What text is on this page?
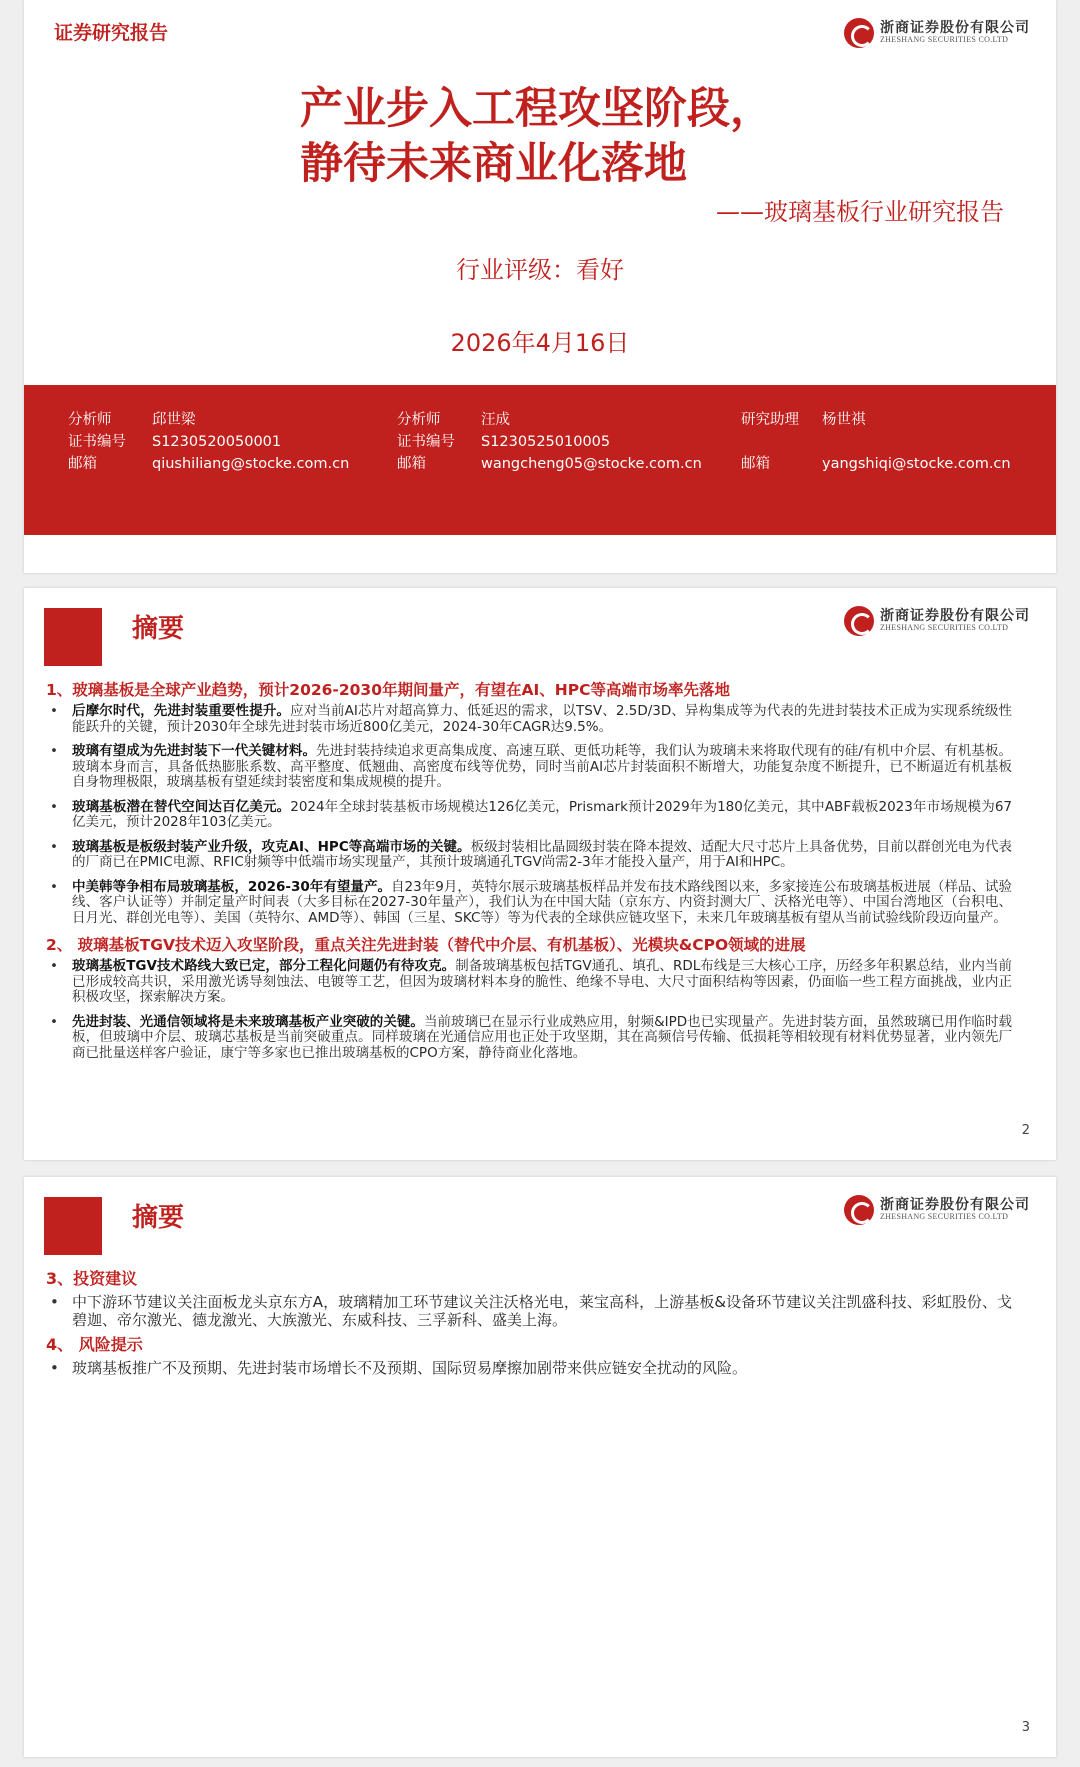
证券研究报告	浙商证券股份有限公司
ZHESHANG SECURITIES CO.LTD
产业步入工程攻坚阶段，
静待未来商业化落地
——玻璃基板行业研究报告
行业评级：看好
2026年4月16日
分析师	邱世梁
证书编号	S1230520050001
邮箱	qiushiliang@stocke.com.cn
分析师	汪成
证书编号	S1230525010005
邮箱	wangcheng05@stocke.com.cn
研究助理	杨世祺
邮箱	yangshiqi@stocke.com.cn
摘要	浙商证券股份有限公司
ZHESHANG SECURITIES CO.LTD
1、玻璃基板是全球产业趋势，预计2026-2030年期间量产，有望在AI、HPC等高端市场率先落地
• 后摩尔时代，先进封装重要性提升。应对当前AI芯片对超高算力、低延迟的需求，以TSV、2.5D/3D、异构集成等为代表的先进封装技术正成为实现系统级性能跃升的关键，预计2030年全球先进封装市场近800亿美元，2024-30年CAGR达9.5%。
• 玻璃有望成为先进封装下一代关键材料。先进封装持续追求更高集成度、高速互联、更低功耗等，我们认为玻璃未来将取代现有的硅/有机中介层、有机基板。玻璃本身而言，具备低热膨胀系数、高平整度、低翘曲、高密度布线等优势，同时当前AI芯片封装面积不断增大，功能复杂度不断提升，已不断逼近有机基板自身物理极限，玻璃基板有望延续封装密度和集成规模的提升。
• 玻璃基板潜在替代空间达百亿美元。2024年全球封装基板市场规模达126亿美元，Prismark预计2029年为180亿美元，其中ABF载板2023年市场规模为67亿美元，预计2028年103亿美元。
• 玻璃基板是板级封装产业升级，攻克AI、HPC等高端市场的关键。板级封装相比晶圆级封装在降本提效、适配大尺寸芯片上具备优势，目前以群创光电为代表的厂商已在PMIC电源、RFIC射频等中低端市场实现量产，其预计玻璃通孔TGV尚需2-3年才能投入量产，用于AI和HPC。
• 中美韩等争相布局玻璃基板，2026-30年有望量产。自23年9月，英特尔展示玻璃基板样品并发布技术路线图以来，多家接连公布玻璃基板进展（样品、试验线、客户认证等）并制定量产时间表（大多目标在2027-30年量产），我们认为在中国大陆（京东方、内资封测大厂、沃格光电等）、中国台湾地区（台积电、日月光、群创光电等）、美国（英特尔、AMD等）、韩国（三星、SKC等）等为代表的全球供应链攻坚下，未来几年玻璃基板有望从当前试验线阶段迈向量产。
2、 玻璃基板TGV技术迈入攻坚阶段，重点关注先进封装（替代中介层、有机基板）、光模块&CPO领域的进展
• 玻璃基板TGV技术路线大致已定，部分工程化问题仍有待攻克。制备玻璃基板包括TGV通孔、填孔、RDL布线是三大核心工序，历经多年积累总结，业内当前已形成较高共识，采用激光诱导刻蚀法、电镀等工艺，但因为玻璃材料本身的脆性、绝缘不导电、大尺寸面积结构等因素，仍面临一些工程方面挑战，业内正积极攻坚，探索解决方案。
• 先进封装、光通信领域将是未来玻璃基板产业突破的关键。当前玻璃已在显示行业成熟应用，射频&IPD也已实现量产。先进封装方面，虽然玻璃已用作临时载板，但玻璃中介层、玻璃芯基板是当前突破重点。同样玻璃在光通信应用也正处于攻坚期，其在高频信号传输、低损耗等相较现有材料优势显著，业内领先厂商已批量送样客户验证，康宁等多家也已推出玻璃基板的CPO方案，静待商业化落地。
2
摘要	浙商证券股份有限公司
ZHESHANG SECURITIES CO.LTD
3、投资建议
• 中下游环节建议关注面板龙头京东方A，玻璃精加工环节建议关注沃格光电，莱宝高科，上游基板&设备环节建议关注凯盛科技、彩虹股份、戈碧迦、帝尔激光、德龙激光、大族激光、东威科技、三孚新科、盛美上海。
4、 风险提示
• 玻璃基板推广不及预期、先进封装市场增长不及预期、国际贸易摩擦加剧带来供应链安全扰动的风险。
3
